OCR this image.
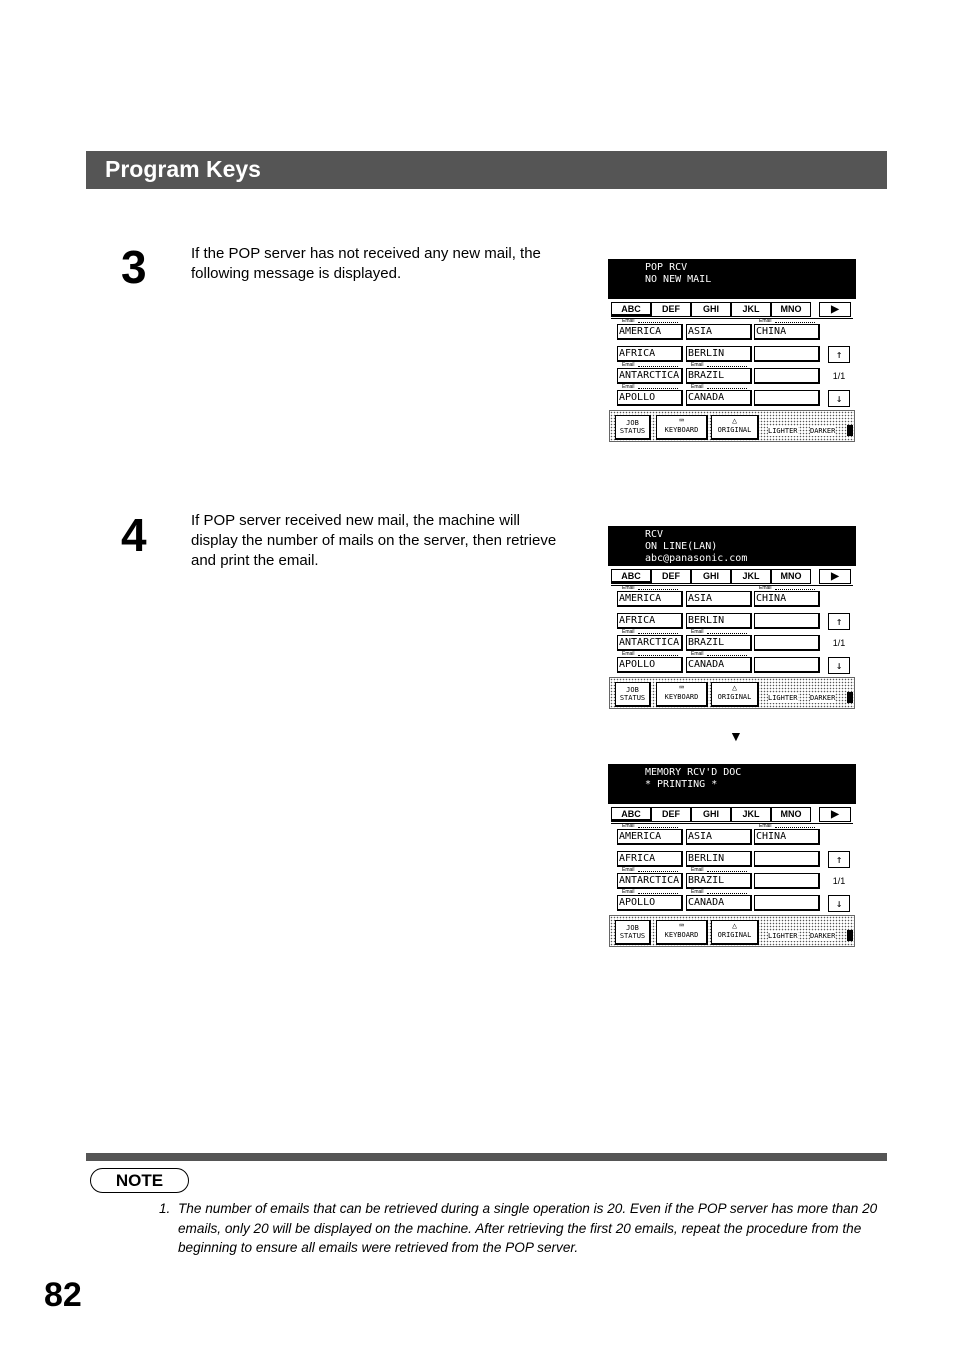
Program Keys
3	If the POP server has not received any new mail, the following message is displayed.
4	If POP server received new mail, the machine will display the number of mails on the server, then retrieve and print the email.
POP RCV
NO NEW MAIL
ABC	DEF	GHI	JKL	MNO	▶
Email	Email
Email	Email
Email	Email
AMERICA	ASIA	CHINA
AFRICA	BERLIN
ANTARCTICA BRAZIL
APOLLO	CANADA
↑
1/1
↓
JOB
STATUS
⌨
KEYBOARD
△
ORIGINAL	LIGHTER DARKER
RCV
ON LINE(LAN)
abc@panasonic.com
ABC	DEF	GHI	JKL	MNO	▶
Email	Email
Email	Email
Email	Email
AMERICA	ASIA	CHINA
AFRICA	BERLIN
ANTARCTICA BRAZIL
APOLLO	CANADA
↑
1/1
↓
JOB
STATUS
⌨
KEYBOARD
△
ORIGINAL	LIGHTER DARKER
▼
MEMORY RCV'D DOC
* PRINTING *
ABC	DEF	GHI	JKL	MNO	▶
Email	Email
Email	Email
Email	Email
AMERICA	ASIA	CHINA
AFRICA	BERLIN
ANTARCTICA BRAZIL
APOLLO	CANADA
↑
1/1
↓
JOB
STATUS
⌨
KEYBOARD
△
ORIGINAL	LIGHTER DARKER
NOTE
1. The number of emails that can be retrieved during a single operation is 20. Even if the POP server has more than 20 emails, only 20 will be displayed on the machine. After retrieving the first 20 emails, repeat the procedure from the beginning to ensure all emails were retrieved from the POP server.
82
